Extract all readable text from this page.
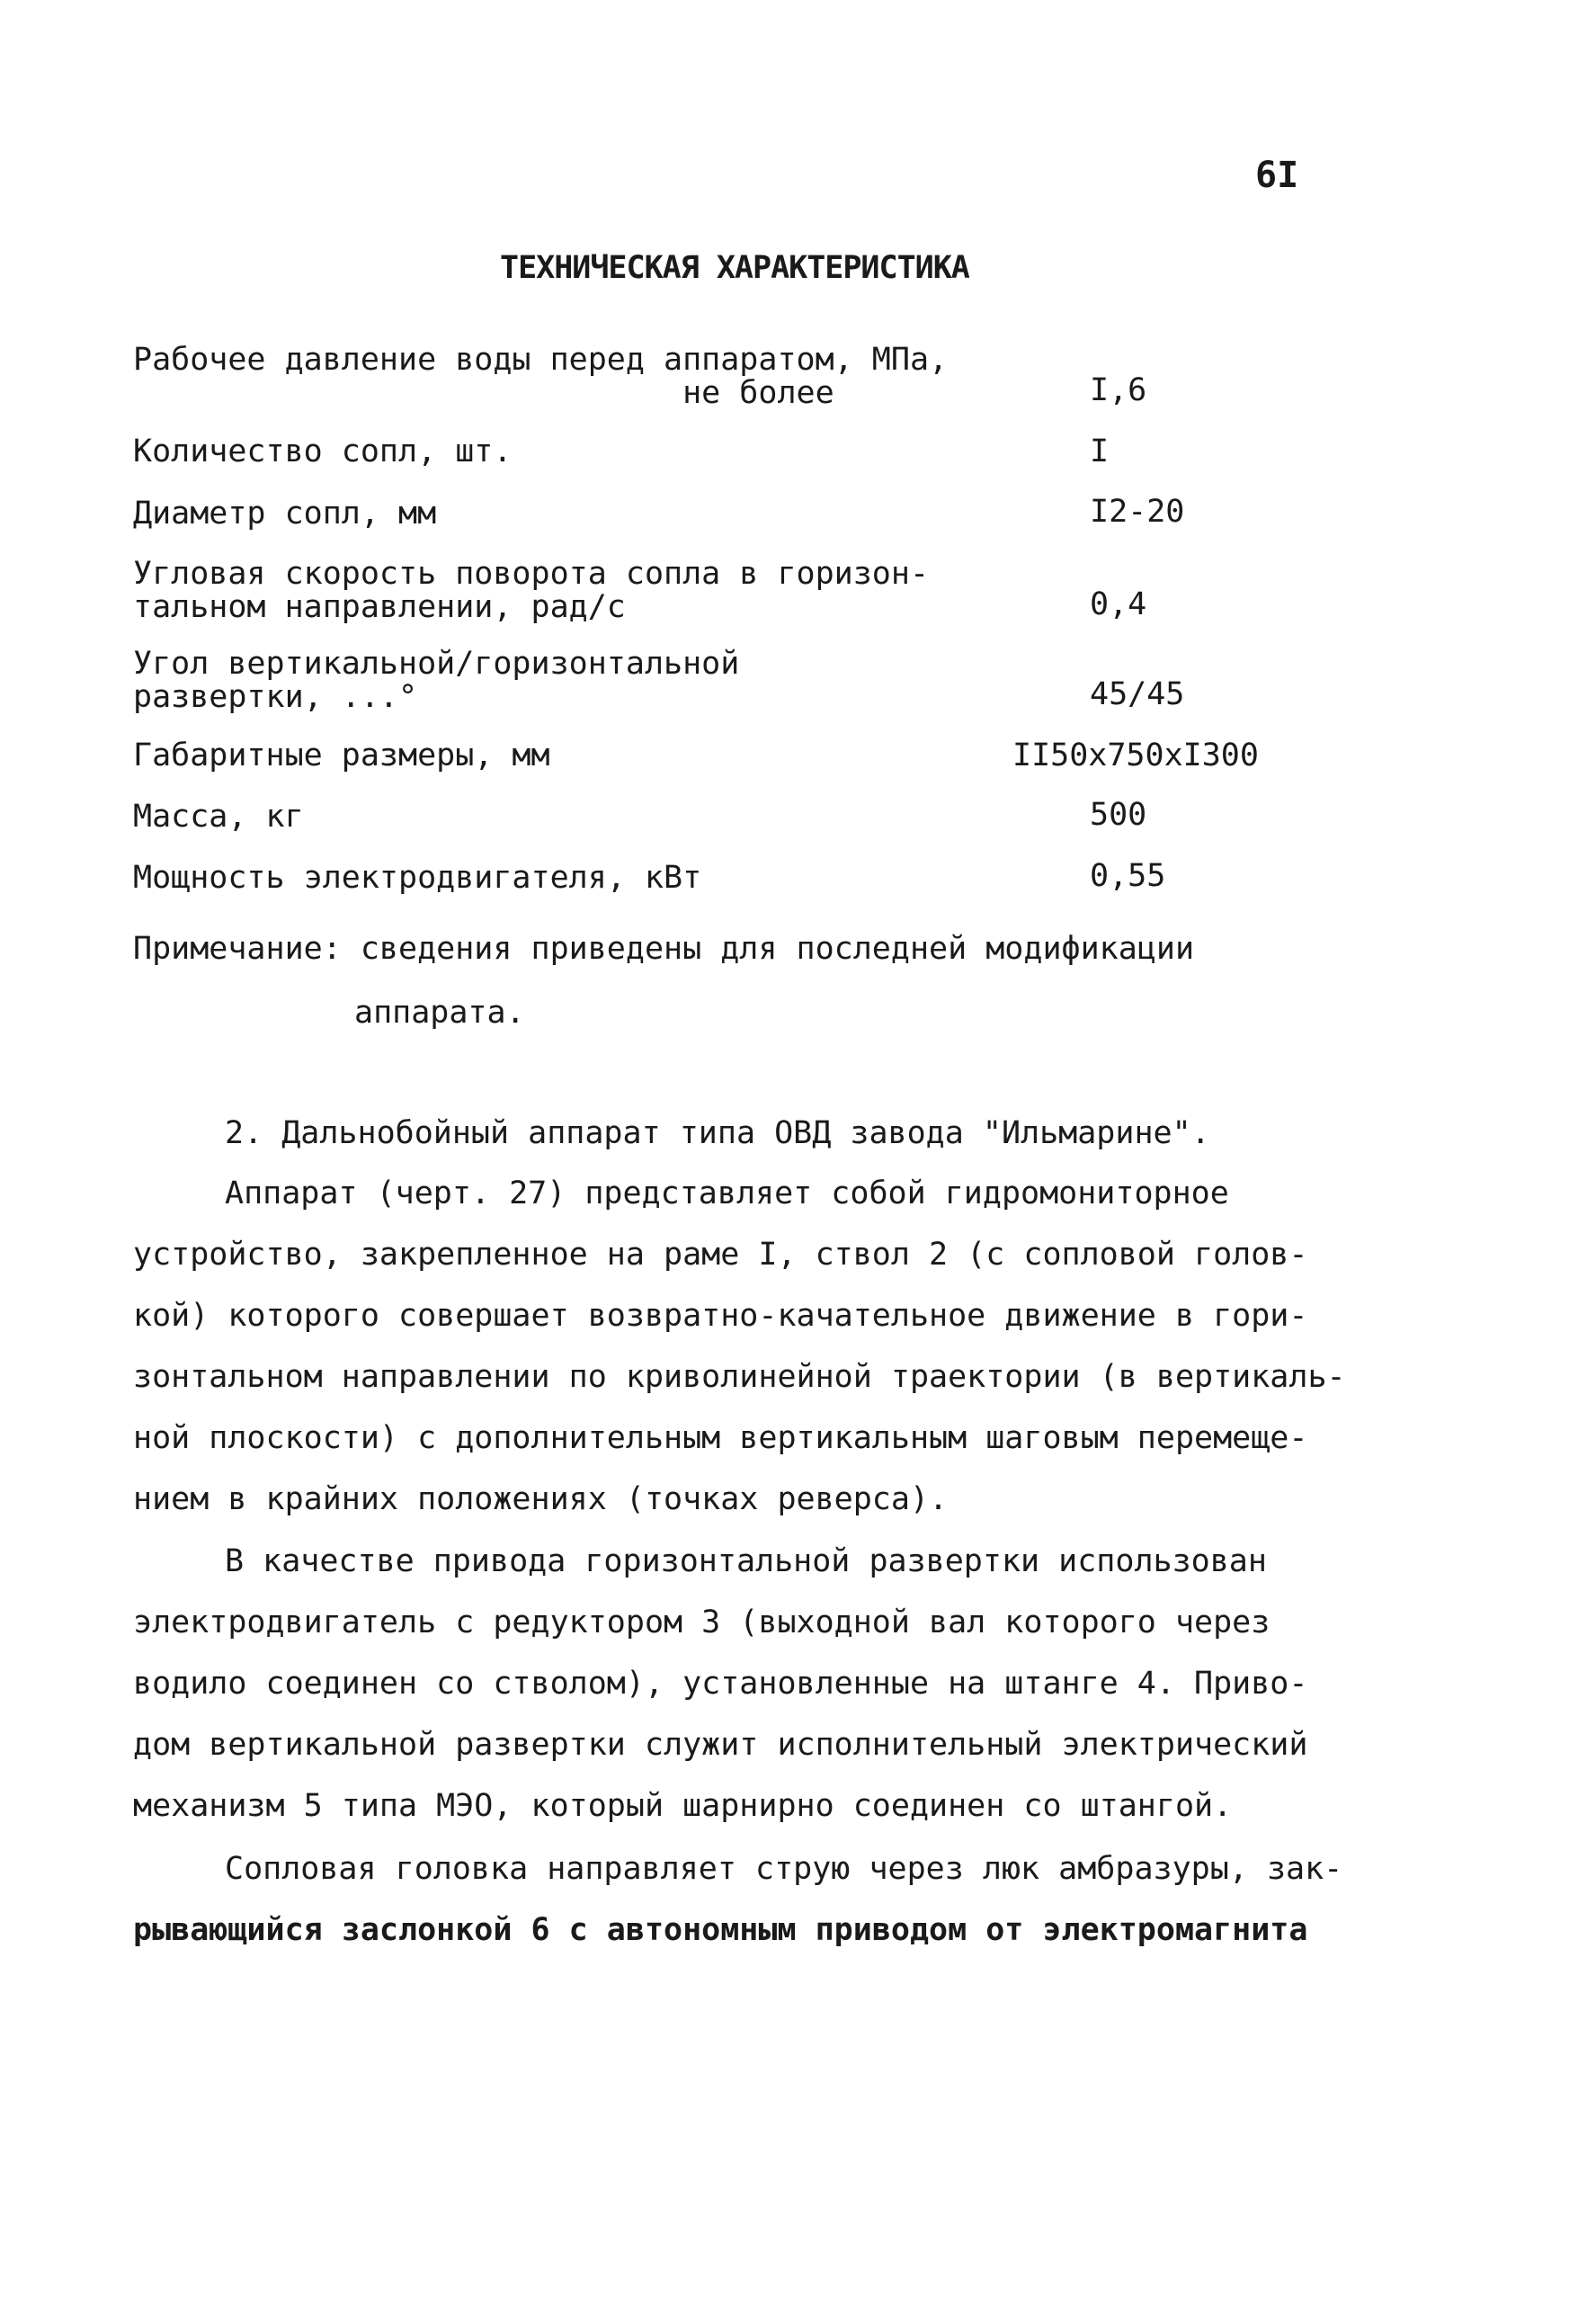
6I
ТЕХНИЧЕСКАЯ ХАРАКТЕРИСТИКА
Рабочее давление воды перед аппаратом, МПа,
не более	I,6
Количество сопл, шт.	I
Диаметр сопл, мм	I2-20
Угловая скорость поворота сопла в горизон-
тальном направлении, рад/с	0,4
Угол вертикальной/горизонтальной
развертки, ...°	45/45
Габаритные размеры, мм	II50x750xI300
Масса, кг	500
Мощность электродвигателя, кВт	0,55
Примечание: сведения приведены для последней модификации
аппарата.
2. Дальнобойный аппарат типа ОВД завода "Ильмарине".
Аппарат (черт. 27) представляет собой гидромониторное
устройство, закрепленное на раме I, ствол 2 (с сопловой голов-
кой) которого совершает возвратно-качательное движение в гори-
зонтальном направлении по криволинейной траектории (в вертикаль-
ной плоскости) с дополнительным вертикальным шаговым перемеще-
нием в крайних положениях (точках реверса).
В качестве привода горизонтальной развертки использован
электродвигатель с редуктором 3 (выходной вал которого через
водило соединен со стволом), установленные на штанге 4. Приво-
дом вертикальной развертки служит исполнительный электрический
механизм 5 типа МЭО, который шарнирно соединен со штангой.
Сопловая головка направляет струю через люк амбразуры, зак-
рывающийся заслонкой 6 с автономным приводом от электромагнита
